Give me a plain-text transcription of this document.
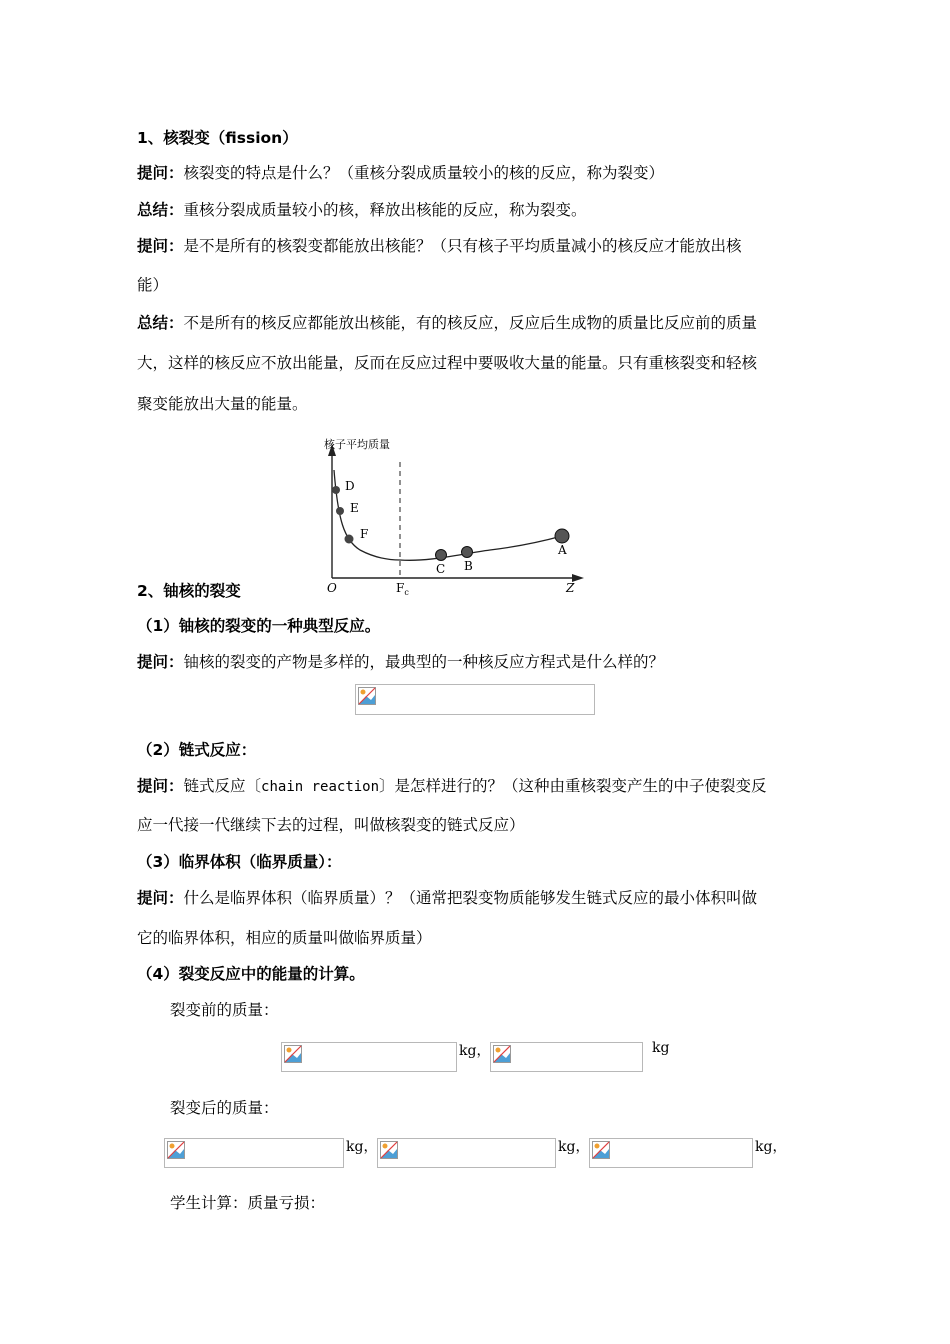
1、核裂变（fission）
提问：核裂变的特点是什么？（重核分裂成质量较小的核的反应，称为裂变）
总结：重核分裂成质量较小的核，释放出核能的反应，称为裂变。
提问：是不是所有的核裂变都能放出核能？（只有核子平均质量减小的核反应才能放出核
能）
总结：不是所有的核反应都能放出核能，有的核反应，反应后生成物的质量比反应前的质量
大，这样的核反应不放出能量，反而在反应过程中要吸收大量的能量。只有重核裂变和轻核
聚变能放出大量的能量。
核子平均质量
D
E
F
C B
A
O	$F_c$	Z
2、铀核的裂变
（1）铀核的裂变的一种典型反应。
提问：铀核的裂变的产物是多样的，最典型的一种核反应方程式是什么样的？
（2）链式反应：
提问：链式反应〔chain reaction〕是怎样进行的？（这种由重核裂变产生的中子使裂变反
应一代接一代继续下去的过程，叫做核裂变的链式反应）
（3）临界体积（临界质量）：
提问：什么是临界体积（临界质量）？（通常把裂变物质能够发生链式反应的最小体积叫做
它的临界体积，相应的质量叫做临界质量）
（4）裂变反应中的能量的计算。
裂变前的质量：
kg，	kg
裂变后的质量：
kg，	kg，	kg，
学生计算：质量亏损：
